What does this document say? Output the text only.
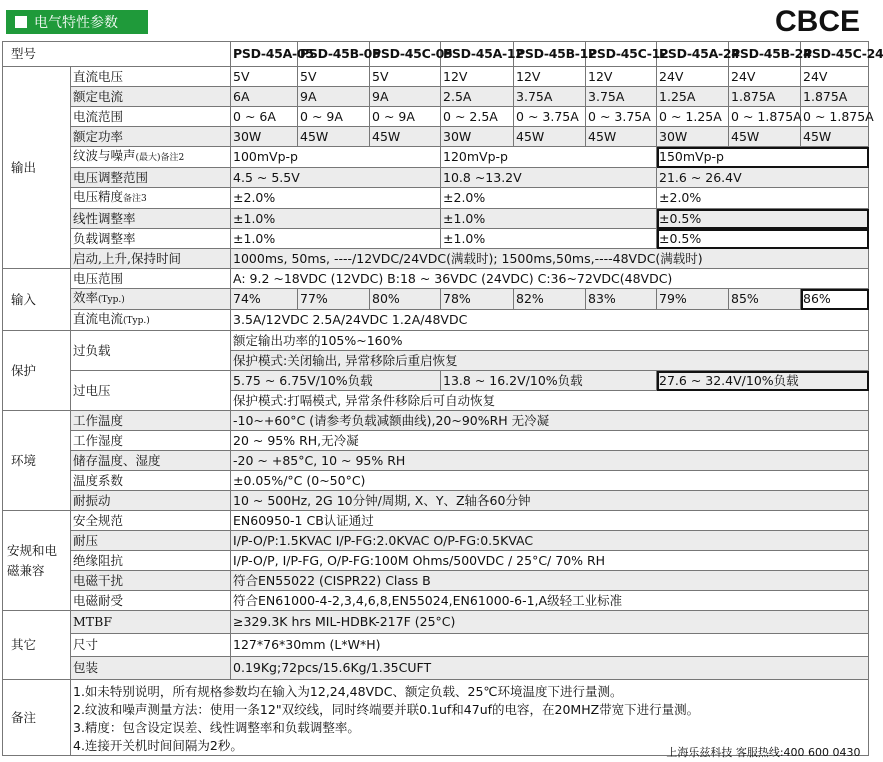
电气特性参数	CBCE
型号		PSD-45A-05	PSD-45B-05	PSD-45C-05	PSD-45A-12	PSD-45B-12	PSD-45C-12	PSD-45A-24	PSD-45B-24	PSD-45C-24
输出	直流电压	5V	5V	5V	12V	12V	12V	24V	24V	24V
	额定电流	6A	9A	9A	2.5A	3.75A	3.75A	1.25A	1.875A	1.875A
	电流范围	0 ~ 6A	0 ~ 9A	0 ~ 9A	0 ~ 2.5A	0 ~ 3.75A	0 ~ 3.75A	0 ~ 1.25A	0 ~ 1.875A	0 ~ 1.875A
	额定功率	30W	45W	45W	30W	45W	45W	30W	45W	45W
	纹波与噪声(最大)备注2	100mVp-p			120mVp-p			150mVp-p		
	电压调整范围	4.5 ~ 5.5V			10.8 ~13.2V			21.6 ~ 26.4V		
	电压精度备注3	±2.0%			±2.0%			±2.0%		
	线性调整率	±1.0%			±1.0%			±0.5%		
	负载调整率	±1.0%			±1.0%			±0.5%		
	启动,上升,保持时间	1000ms, 50ms, ----/12VDC/24VDC(满载时); 1500ms,50ms,----48VDC(满载时)								
输入	电压范围	A: 9.2 ~18VDC (12VDC) B:18 ~ 36VDC (24VDC) C:36~72VDC(48VDC)								
	效率(Typ.)	74%	77%	80%	78%	82%	83%	79%	85%	86%
	直流电流(Typ.)	3.5A/12VDC 2.5A/24VDC 1.2A/48VDC								
保护	过负载	额定输出功率的105%~160%								
		保护模式:关闭输出, 异常移除后重启恢复								
	过电压	5.75 ~ 6.75V/10%负载			13.8 ~ 16.2V/10%负载			27.6 ~ 32.4V/10%负载		
		保护模式:打嗝模式, 异常条件移除后可自动恢复								
环境	工作温度	-10~+60°C (请参考负载减额曲线),20~90%RH 无冷凝								
	工作湿度	20 ~ 95% RH,无冷凝								
	储存温度、湿度	-20 ~ +85°C, 10 ~ 95% RH								
	温度系数	±0.05%/°C (0~50°C)								
	耐振动	10 ~ 500Hz, 2G 10分钟/周期, X、Y、Z轴各60分钟								
安规和电磁兼容	安全规范	EN60950-1 CB认证通过								
	耐压	I/P-O/P:1.5KVAC I/P-FG:2.0KVAC O/P-FG:0.5KVAC								
	绝缘阻抗	I/P-O/P, I/P-FG, O/P-FG:100M Ohms/500VDC / 25°C/ 70% RH								
	电磁干扰	符合EN55022 (CISPR22) Class B								
	电磁耐受	符合EN61000-4-2,3,4,6,8,EN55024,EN61000-6-1,A级轻工业标准								
其它	MTBF	≥329.3K hrs MIL-HDBK-217F (25°C)								
	尺寸	127*76*30mm (L*W*H)								
	包装	0.19Kg;72pcs/15.6Kg/1.35CUFT								
备注	1.如未特别说明，所有规格参数均在输入为12,24,48VDC、额定负载、25℃环境温度下进行量测。
2.纹波和噪声测量方法：使用一条12"双绞线，同时终端要并联0.1uf和47uf的电容，在20MHZ带宽下进行量测。
3.精度：包含设定误差、线性调整率和负载调整率。
4.连接开关机时间间隔为2秒。 上海乐兹科技 客服热线:400 600 0430									
